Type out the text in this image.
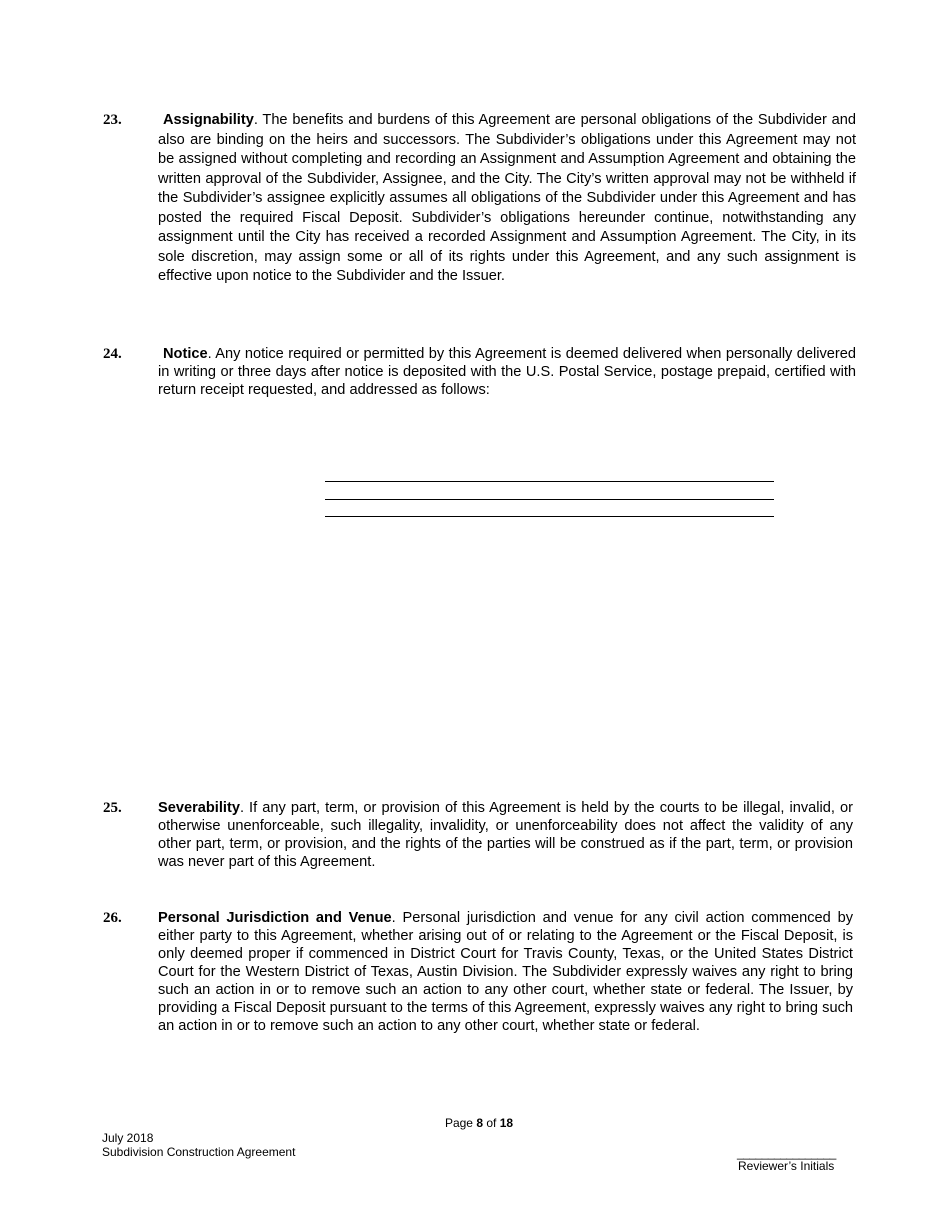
23.	Assignability. The benefits and burdens of this Agreement are personal obligations of the Subdivider and also are binding on the heirs and successors. The Subdivider’s obligations under this Agreement may not be assigned without completing and recording an Assignment and Assumption Agreement and obtaining the written approval of the Subdivider, Assignee, and the City. The City’s written approval may not be withheld if the Subdivider’s assignee explicitly assumes all obligations of the Subdivider under this Agreement and has posted the required Fiscal Deposit. Subdivider’s obligations hereunder continue, notwithstanding any assignment until the City has received a recorded Assignment and Assumption Agreement. The City, in its sole discretion, may assign some or all of its rights under this Agreement, and any such assignment is effective upon notice to the Subdivider and the Issuer.
24.	Notice. Any notice required or permitted by this Agreement is deemed delivered when personally delivered in writing or three days after notice is deposited with the U.S. Postal Service, postage prepaid, certified with return receipt requested, and addressed as follows:
25. Severability. If any part, term, or provision of this Agreement is held by the courts to be illegal, invalid, or otherwise unenforceable, such illegality, invalidity, or unenforceability does not affect the validity of any other part, term, or provision, and the rights of the parties will be construed as if the part, term, or provision was never part of this Agreement.
26. Personal Jurisdiction and Venue. Personal jurisdiction and venue for any civil action commenced by either party to this Agreement, whether arising out of or relating to the Agreement or the Fiscal Deposit, is only deemed proper if commenced in District Court for Travis County, Texas, or the United States District Court for the Western District of Texas, Austin Division. The Subdivider expressly waives any right to bring such an action in or to remove such an action to any other court, whether state or federal. The Issuer, by providing a Fiscal Deposit pursuant to the terms of this Agreement, expressly waives any right to bring such an action in or to remove such an action to any other court, whether state or federal.
Page 8 of 18
July 2018
Subdivision Construction Agreement	________________
Reviewer’s Initials
